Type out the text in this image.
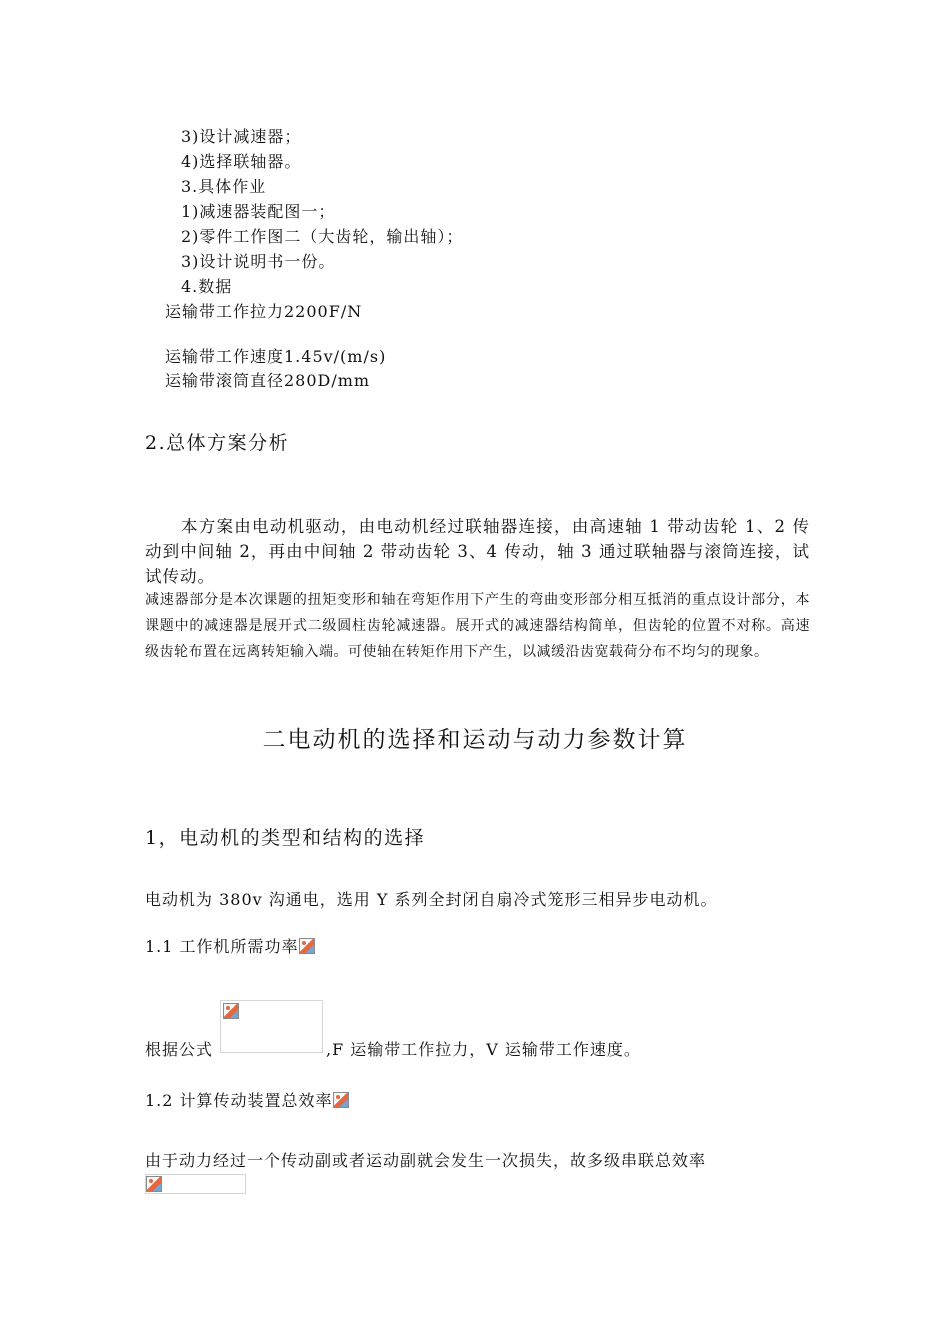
3)设计减速器；
4)选择联轴器。
3.具体作业
1)减速器装配图一；
2)零件工作图二（大齿轮，输出轴）；
3)设计说明书一份。
4.数据
运输带工作拉力2200F/N
运输带工作速度1.45v/(m/s)
运输带滚筒直径280D/mm
2.总体方案分析
本方案由电动机驱动，由电动机经过联轴器连接，由高速轴 1 带动齿轮 1、2 传动到中间轴 2，再由中间轴 2 带动齿轮 3、4 传动，轴 3 通过联轴器与滚筒连接，试试传动。
减速器部分是本次课题的扭矩变形和轴在弯矩作用下产生的弯曲变形部分相互抵消的重点设计部分，本课题中的减速器是展开式二级圆柱齿轮减速器。展开式的减速器结构简单，但齿轮的位置不对称。高速级齿轮布置在远离转矩输入端。可使轴在转矩作用下产生，以减缓沿齿宽载荷分布不均匀的现象。
二电动机的选择和运动与动力参数计算
1，电动机的类型和结构的选择
电动机为 380v 沟通电，选用 Y 系列全封闭自扇冷式笼形三相异步电动机。
1.1 工作机所需功率
根据公式	,F 运输带工作拉力，V 运输带工作速度。
1.2 计算传动装置总效率
由于动力经过一个传动副或者运动副就会发生一次损失，故多级串联总效率
